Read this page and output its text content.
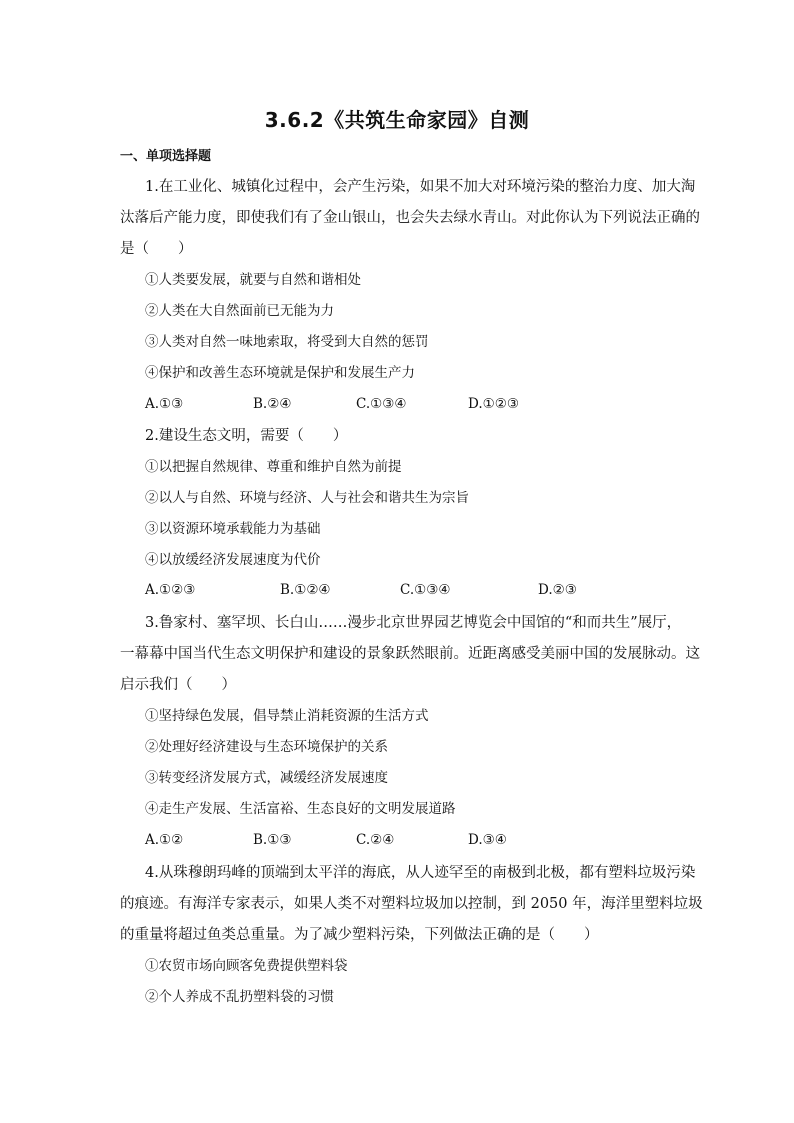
3.6.2《共筑生命家园》自测
一、单项选择题
1.在工业化、城镇化过程中，会产生污染，如果不加大对环境污染的整治力度、加大淘
汰落后产能力度，即使我们有了金山银山，也会失去绿水青山。对此你认为下列说法正确的
是（　　）
①人类要发展，就要与自然和谐相处
②人类在大自然面前已无能为力
③人类对自然一味地索取，将受到大自然的惩罚
④保护和改善生态环境就是保护和发展生产力
A.①③	B.②④	C.①③④	D.①②③
2.建设生态文明，需要（　　）
①以把握自然规律、尊重和维护自然为前提
②以人与自然、环境与经济、人与社会和谐共生为宗旨
③以资源环境承载能力为基础
④以放缓经济发展速度为代价
A.①②③	B.①②④	C.①③④	D.②③
3.鲁家村、塞罕坝、长白山……漫步北京世界园艺博览会中国馆的“和而共生”展厅，
一幕幕中国当代生态文明保护和建设的景象跃然眼前。近距离感受美丽中国的发展脉动。这
启示我们（　　）
①坚持绿色发展，倡导禁止消耗资源的生活方式
②处理好经济建设与生态环境保护的关系
③转变经济发展方式，减缓经济发展速度
④走生产发展、生活富裕、生态良好的文明发展道路
A.①②	B.①③	C.②④	D.③④
4.从珠穆朗玛峰的顶端到太平洋的海底，从人迹罕至的南极到北极，都有塑料垃圾污染
的痕迹。有海洋专家表示，如果人类不对塑料垃圾加以控制，到 2050 年，海洋里塑料垃圾
的重量将超过鱼类总重量。为了减少塑料污染，下列做法正确的是（　　）
①农贸市场向顾客免费提供塑料袋
②个人养成不乱扔塑料袋的习惯
